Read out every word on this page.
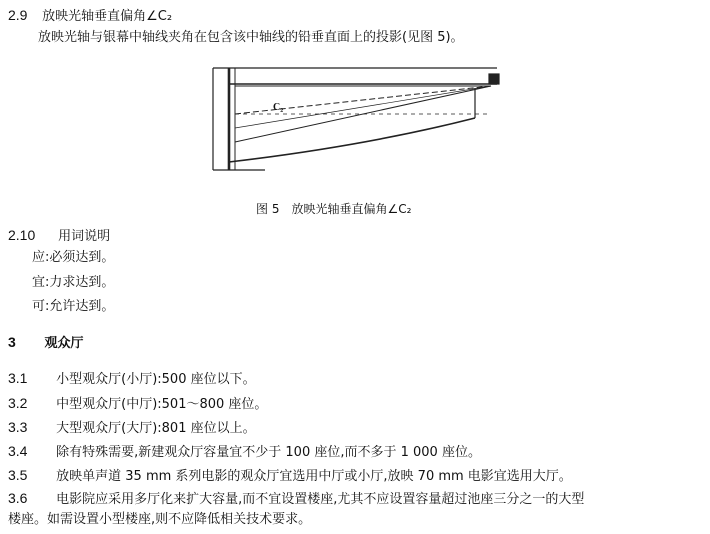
2.9 放映光轴垂直偏角∠C₂
放映光轴与银幕中轴线夹角在包含该中轴线的铅垂直面上的投影(见图 5)。
C₂
图 5　放映光轴垂直偏角∠C₂
2.10 用词说明
应:必须达到。
宜:力求达到。
可:允许达到。
3 观众厅
3.1 小型观众厅(小厅):500 座位以下。
3.2 中型观众厅(中厅):501～800 座位。
3.3 大型观众厅(大厅):801 座位以上。
3.4 除有特殊需要,新建观众厅容量宜不少于 100 座位,而不多于 1 000 座位。
3.5 放映单声道 35 mm 系列电影的观众厅宜选用中厅或小厅,放映 70 mm 电影宜选用大厅。
3.6 电影院应采用多厅化来扩大容量,而不宜设置楼座,尤其不应设置容量超过池座三分之一的大型
楼座。如需设置小型楼座,则不应降低相关技术要求。
